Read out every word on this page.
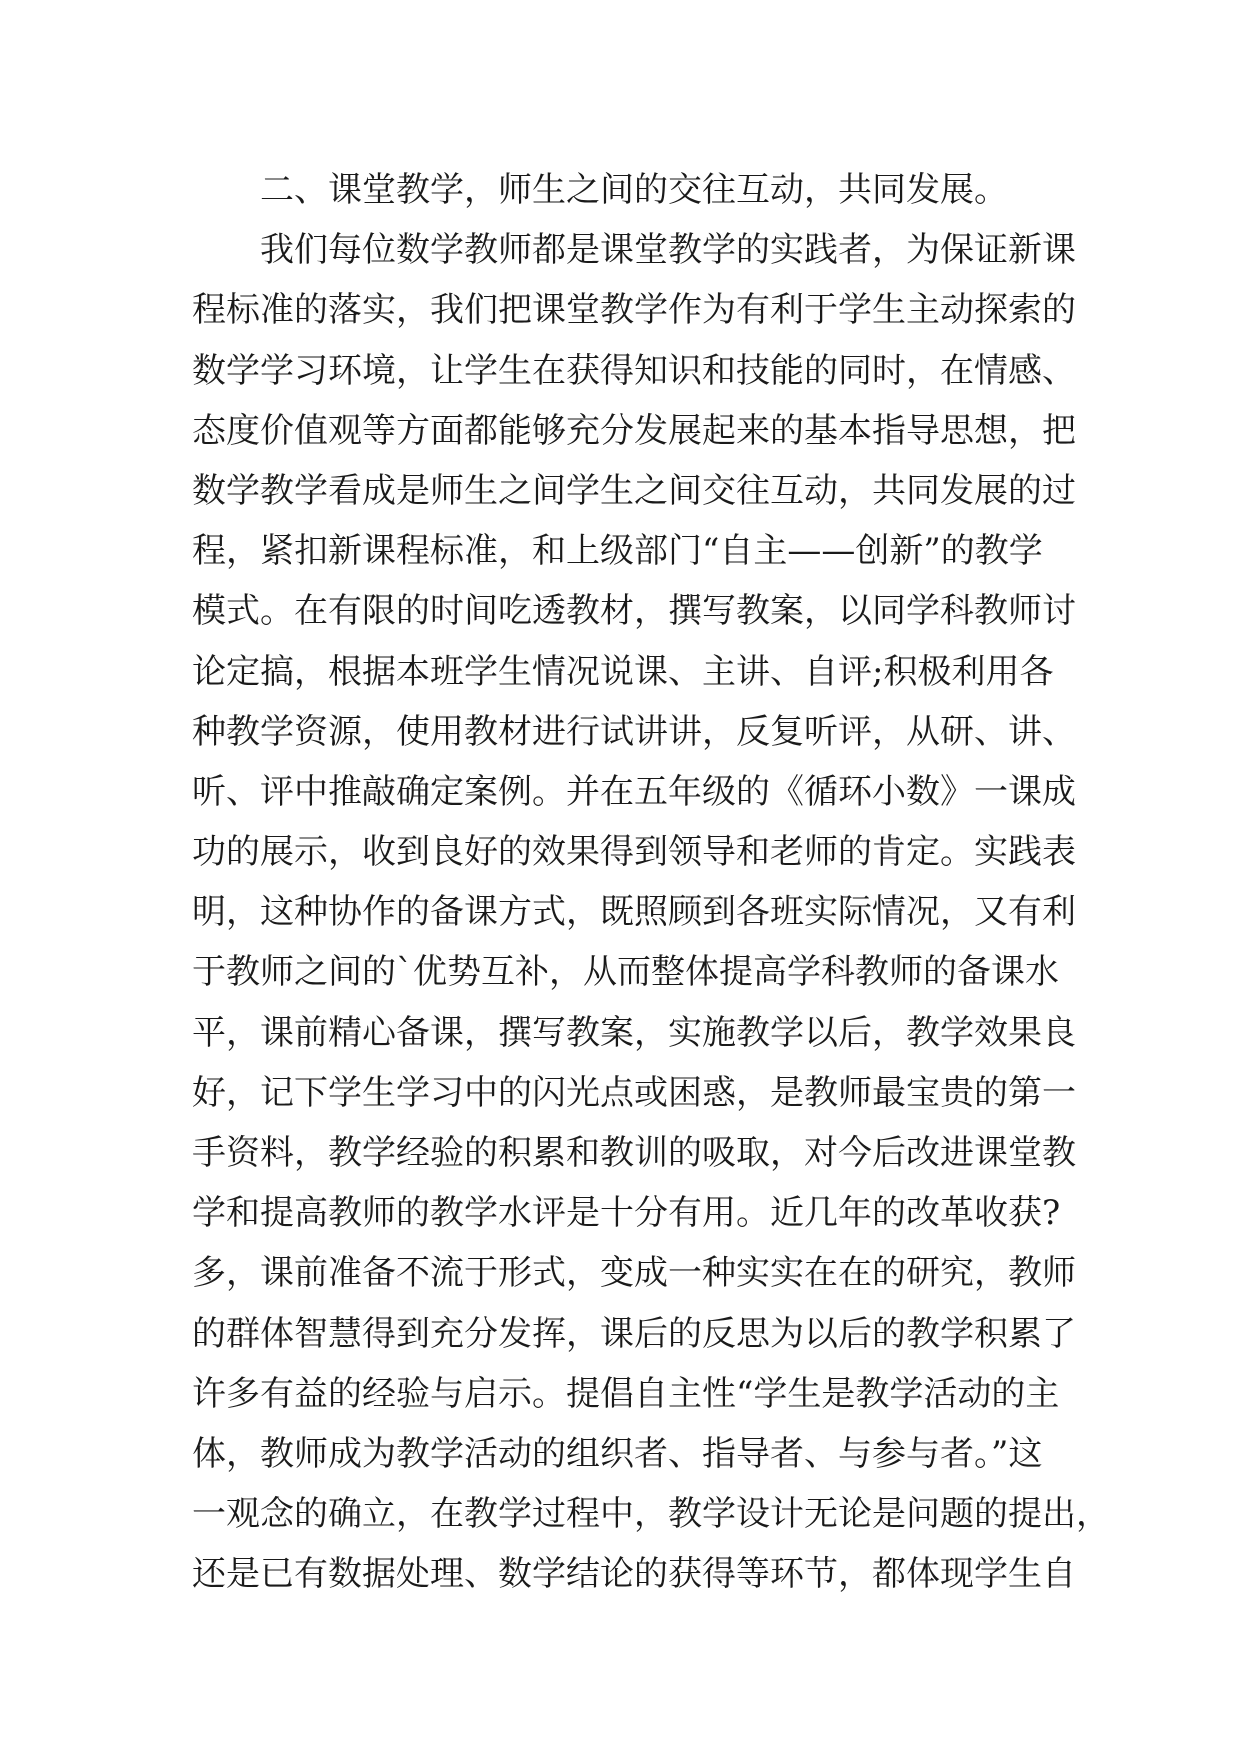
二、课堂教学，师生之间的交往互动，共同发展。
我们每位数学教师都是课堂教学的实践者，为保证新课
程标准的落实，我们把课堂教学作为有利于学生主动探索的
数学学习环境，让学生在获得知识和技能的同时，在情感、
态度价值观等方面都能够充分发展起来的基本指导思想，把
数学教学看成是师生之间学生之间交往互动，共同发展的过
程，紧扣新课程标准，和上级部门“自主——创新”的教学
模式。在有限的时间吃透教材，撰写教案，以同学科教师讨
论定搞，根据本班学生情况说课、主讲、自评;积极利用各
种教学资源，使用教材进行试讲讲，反复听评，从研、讲、
听、评中推敲确定案例。并在五年级的《循环小数》一课成
功的展示，收到良好的效果得到领导和老师的肯定。实践表
明，这种协作的备课方式，既照顾到各班实际情况，又有利
于教师之间的`优势互补，从而整体提高学科教师的备课水
平，课前精心备课，撰写教案，实施教学以后，教学效果良
好，记下学生学习中的闪光点或困惑，是教师最宝贵的第一
手资料，教学经验的积累和教训的吸取，对今后改进课堂教
学和提高教师的教学水评是十分有用。近几年的改革收获?
多，课前准备不流于形式，变成一种实实在在的研究，教师
的群体智慧得到充分发挥，课后的反思为以后的教学积累了
许多有益的经验与启示。提倡自主性“学生是教学活动的主
体，教师成为教学活动的组织者、指导者、与参与者。”这
一观念的确立，在教学过程中，教学设计无论是问题的提出，
还是已有数据处理、数学结论的获得等环节，都体现学生自
